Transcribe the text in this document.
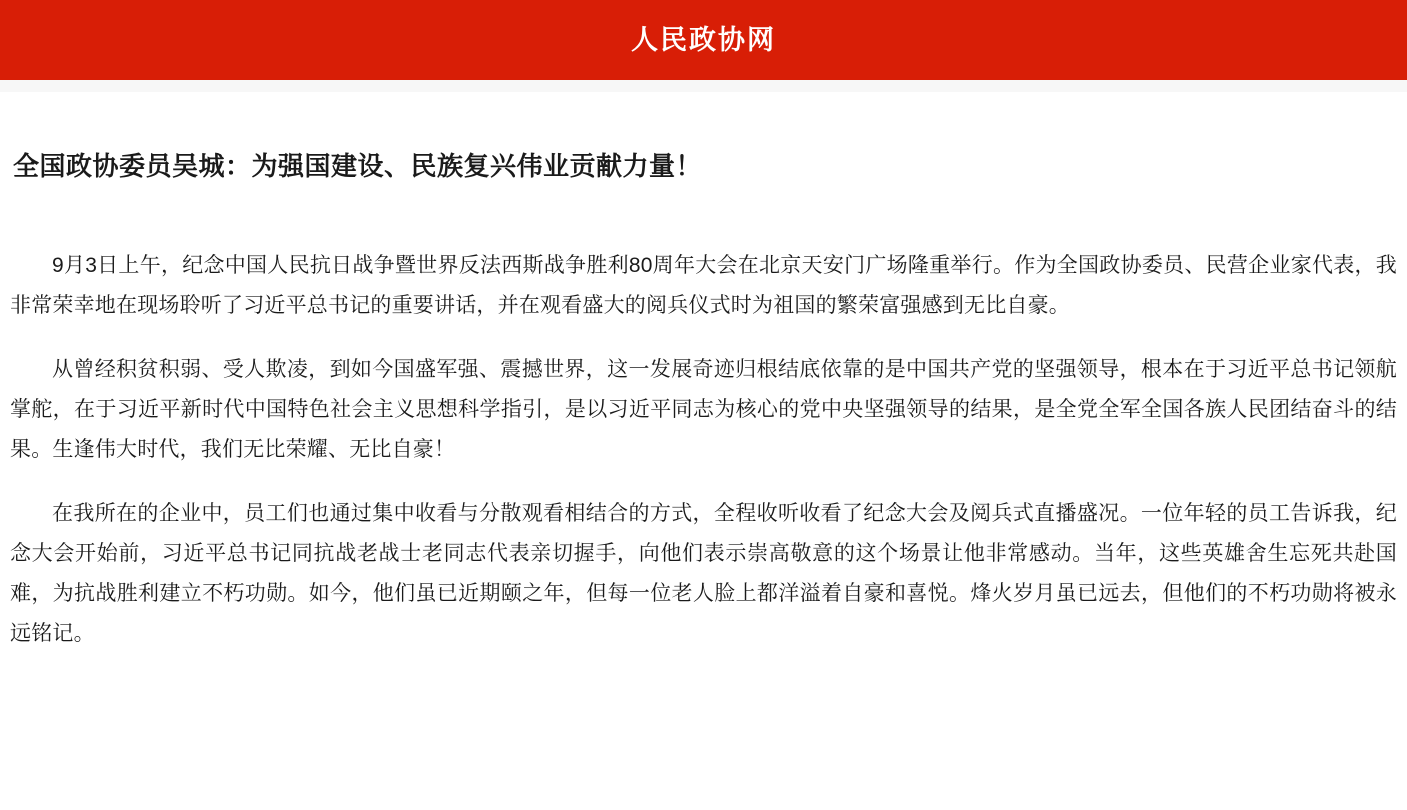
人民政协网
全国政协委员吴城：为强国建设、民族复兴伟业贡献力量！

9月3日上午，纪念中国人民抗日战争暨世界反法西斯战争胜利80周年大会在北京天安门广场隆重举行。作为全国政协委员、民营企业家代表，我非常荣幸地在现场聆听了习近平总书记的重要讲话，并在观看盛大的阅兵仪式时为祖国的繁荣富强感到无比自豪。

从曾经积贫积弱、受人欺凌，到如今国盛军强、震撼世界，这一发展奇迹归根结底依靠的是中国共产党的坚强领导，根本在于习近平总书记领航掌舵，在于习近平新时代中国特色社会主义思想科学指引，是以习近平同志为核心的党中央坚强领导的结果，是全党全军全国各族人民团结奋斗的结果。生逢伟大时代，我们无比荣耀、无比自豪！

在我所在的企业中，员工们也通过集中收看与分散观看相结合的方式，全程收听收看了纪念大会及阅兵式直播盛况。一位年轻的员工告诉我，纪念大会开始前，习近平总书记同抗战老战士老同志代表亲切握手，向他们表示崇高敬意的这个场景让他非常感动。当年，这些英雄舍生忘死共赴国难，为抗战胜利建立不朽功勋。如今，他们虽已近期颐之年，但每一位老人脸上都洋溢着自豪和喜悦。烽火岁月虽已远去，但他们的不朽功勋将被永远铭记。
